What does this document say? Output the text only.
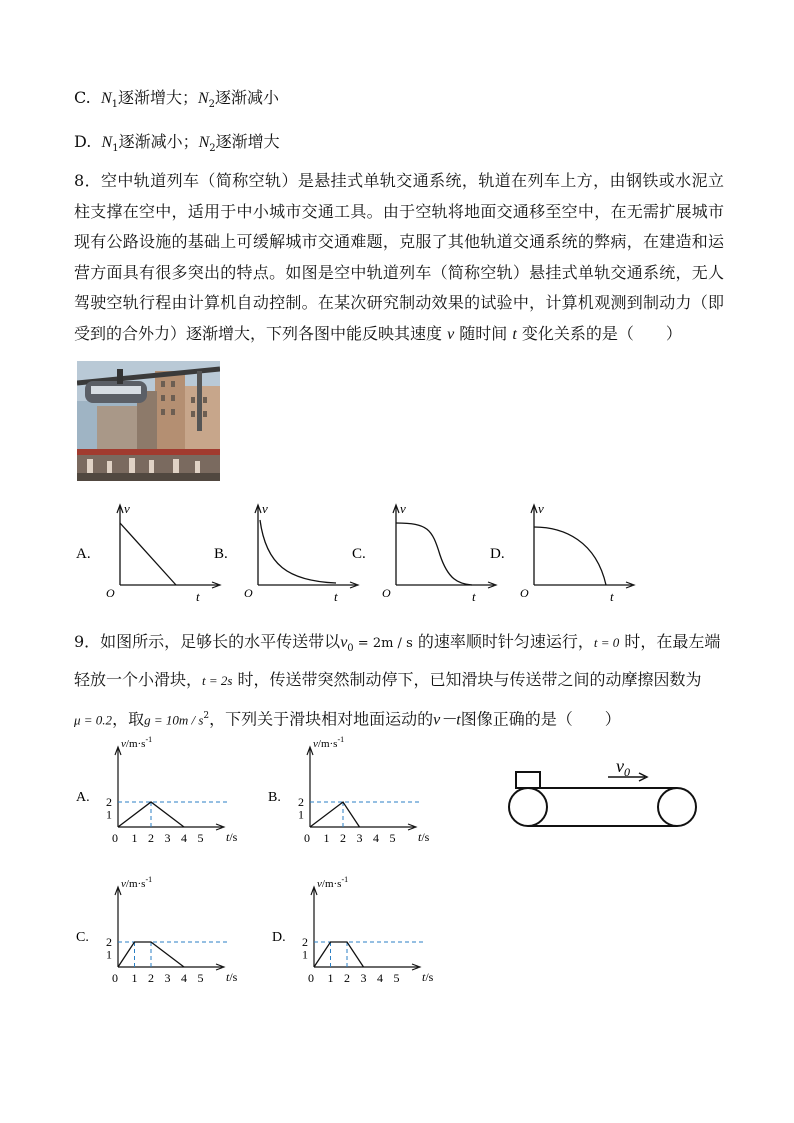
C. $N_1$逐渐增大；$N_2$逐渐减小
D. $N_1$逐渐减小；$N_2$逐渐增大
8．空中轨道列车（简称空轨）是悬挂式单轨交通系统，轨道在列车上方，由钢铁或水泥立柱支撑在空中，适用于中小城市交通工具。由于空轨将地面交通移至空中，在无需扩展城市现有公路设施的基础上可缓解城市交通难题，克服了其他轨道交通系统的弊病，在建造和运营方面具有很多突出的特点。如图是空中轨道列车（简称空轨）悬挂式单轨交通系统，无人驾驶空轨行程由计算机自动控制。在某次研究制动效果的试验中，计算机观测到制动力（即受到的合外力）逐渐增大，下列各图中能反映其速度 v 随时间 t 变化关系的是（　　）
A.
v
t
O
B.
v
t
O
C.
v
t
O
D.
v
t
O
9．如图所示，足够长的水平传送带以$v_0 = 2m / s$ 的速率顺时针匀速运行，t = 0 时，在最左端
轻放一个小滑块，t = 2s 时，传送带突然制动停下，已知滑块与传送带之间的动摩擦因数为
μ = 0.2，取$g = 10m / s^2$，下列关于滑块相对地面运动的v－t图像正确的是（　　）
A.
$v/m\cdot s^{-1}$
t/s
0 1 2 3 4 5
1
2	B.
$v/m\cdot s^{-1}$
t/s
0 1 2 3 4 5
1
2
C.
$v/m\cdot s^{-1}$
t/s
0 1 2 3 4 5
1
2	D.
$v/m\cdot s^{-1}$
t/s
0 1 2 3 4 5
1
2
$v_0$
